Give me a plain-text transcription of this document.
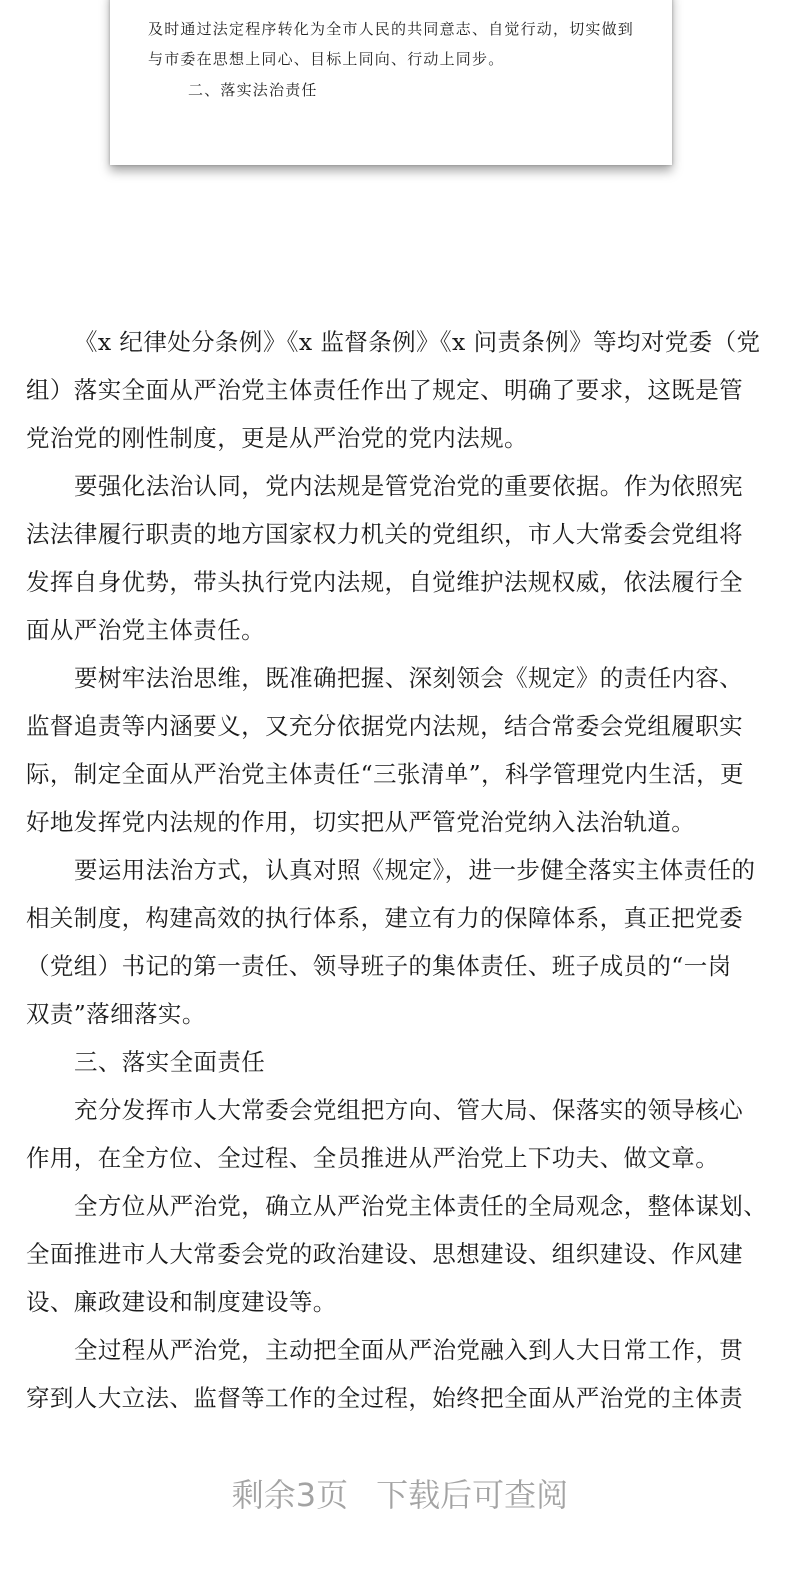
及时通过法定程序转化为全市人民的共同意志、自觉行动，切实做到
与市委在思想上同心、目标上同向、行动上同步。
二、落实法治责任
《x 纪律处分条例》《x 监督条例》《x 问责条例》等均对党委（党
组）落实全面从严治党主体责任作出了规定、明确了要求，这既是管
党治党的刚性制度，更是从严治党的党内法规。
要强化法治认同，党内法规是管党治党的重要依据。作为依照宪
法法律履行职责的地方国家权力机关的党组织，市人大常委会党组将
发挥自身优势，带头执行党内法规，自觉维护法规权威，依法履行全
面从严治党主体责任。
要树牢法治思维，既准确把握、深刻领会《规定》的责任内容、
监督追责等内涵要义，又充分依据党内法规，结合常委会党组履职实
际，制定全面从严治党主体责任“三张清单”，科学管理党内生活，更
好地发挥党内法规的作用，切实把从严管党治党纳入法治轨道。
要运用法治方式，认真对照《规定》，进一步健全落实主体责任的
相关制度，构建高效的执行体系，建立有力的保障体系，真正把党委
（党组）书记的第一责任、领导班子的集体责任、班子成员的“一岗
双责”落细落实。
三、落实全面责任
充分发挥市人大常委会党组把方向、管大局、保落实的领导核心
作用，在全方位、全过程、全员推进从严治党上下功夫、做文章。
全方位从严治党，确立从严治党主体责任的全局观念，整体谋划、
全面推进市人大常委会党的政治建设、思想建设、组织建设、作风建
设、廉政建设和制度建设等。
全过程从严治党，主动把全面从严治党融入到人大日常工作，贯
穿到人大立法、监督等工作的全过程，始终把全面从严治党的主体责
剩余3页 下载后可查阅
